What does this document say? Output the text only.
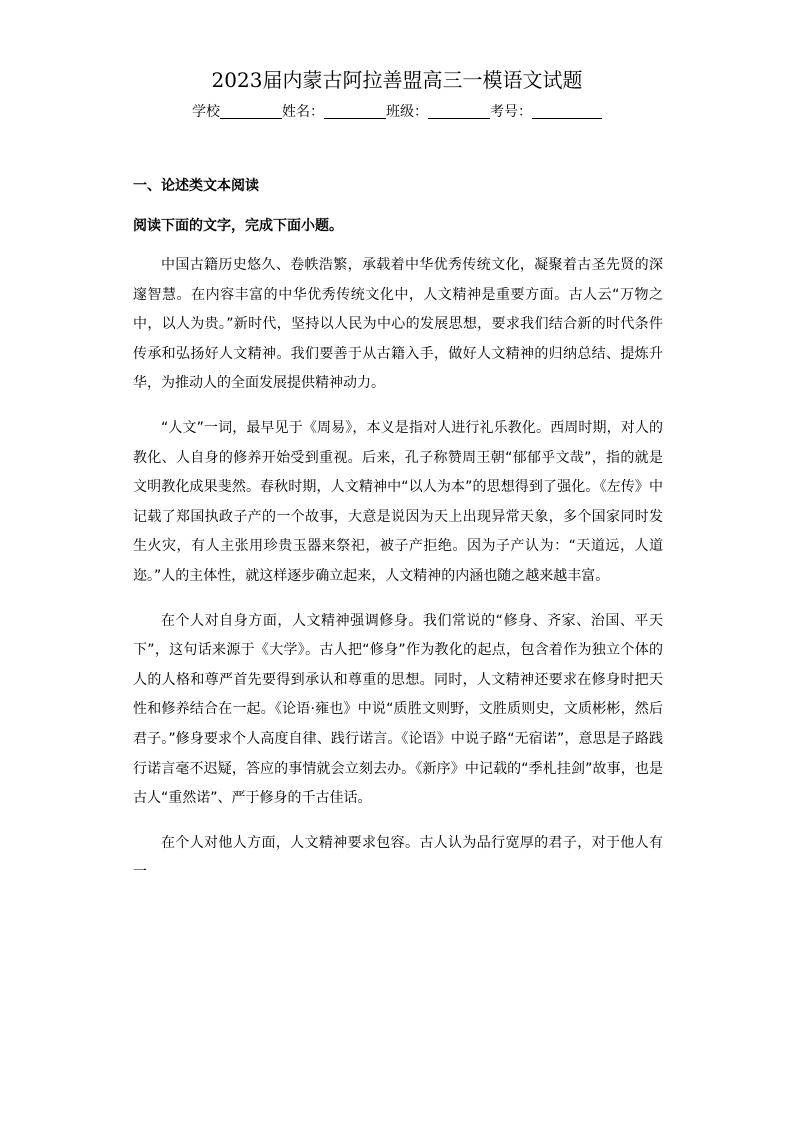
2023届内蒙古阿拉善盟高三一模语文试题
学校	姓名：	班级：	考号：
一、论述类文本阅读

阅读下面的文字，完成下面小题。

中国古籍历史悠久、卷帙浩繁，承载着中华优秀传统文化，凝聚着古圣先贤的深邃智慧。在内容丰富的中华优秀传统文化中，人文精神是重要方面。古人云“万物之中，以人为贵。”新时代，坚持以人民为中心的发展思想，要求我们结合新的时代条件传承和弘扬好人文精神。我们要善于从古籍入手，做好人文精神的归纳总结、提炼升华，为推动人的全面发展提供精神动力。

“人文”一词，最早见于《周易》，本义是指对人进行礼乐教化。西周时期，对人的教化、人自身的修养开始受到重视。后来，孔子称赞周王朝“郁郁乎文哉”，指的就是文明教化成果斐然。春秋时期，人文精神中“以人为本”的思想得到了强化。《左传》中记载了郑国执政子产的一个故事，大意是说因为天上出现异常天象，多个国家同时发生火灾，有人主张用珍贵玉器来祭祀，被子产拒绝。因为子产认为：“天道远，人道迩。”人的主体性，就这样逐步确立起来，人文精神的内涵也随之越来越丰富。

在个人对自身方面，人文精神强调修身。我们常说的“修身、齐家、治国、平天下”，这句话来源于《大学》。古人把“修身”作为教化的起点，包含着作为独立个体的人的人格和尊严首先要得到承认和尊重的思想。同时，人文精神还要求在修身时把天性和修养结合在一起。《论语·雍也》中说“质胜文则野，文胜质则史，文质彬彬，然后君子。”修身要求个人高度自律、践行诺言。《论语》中说子路“无宿诺”，意思是子路践行诺言毫不迟疑，答应的事情就会立刻去办。《新序》中记载的“季札挂剑”故事，也是古人“重然诺”、严于修身的千古佳话。

在个人对他人方面，人文精神要求包容。古人认为品行宽厚的君子，对于他人有一
